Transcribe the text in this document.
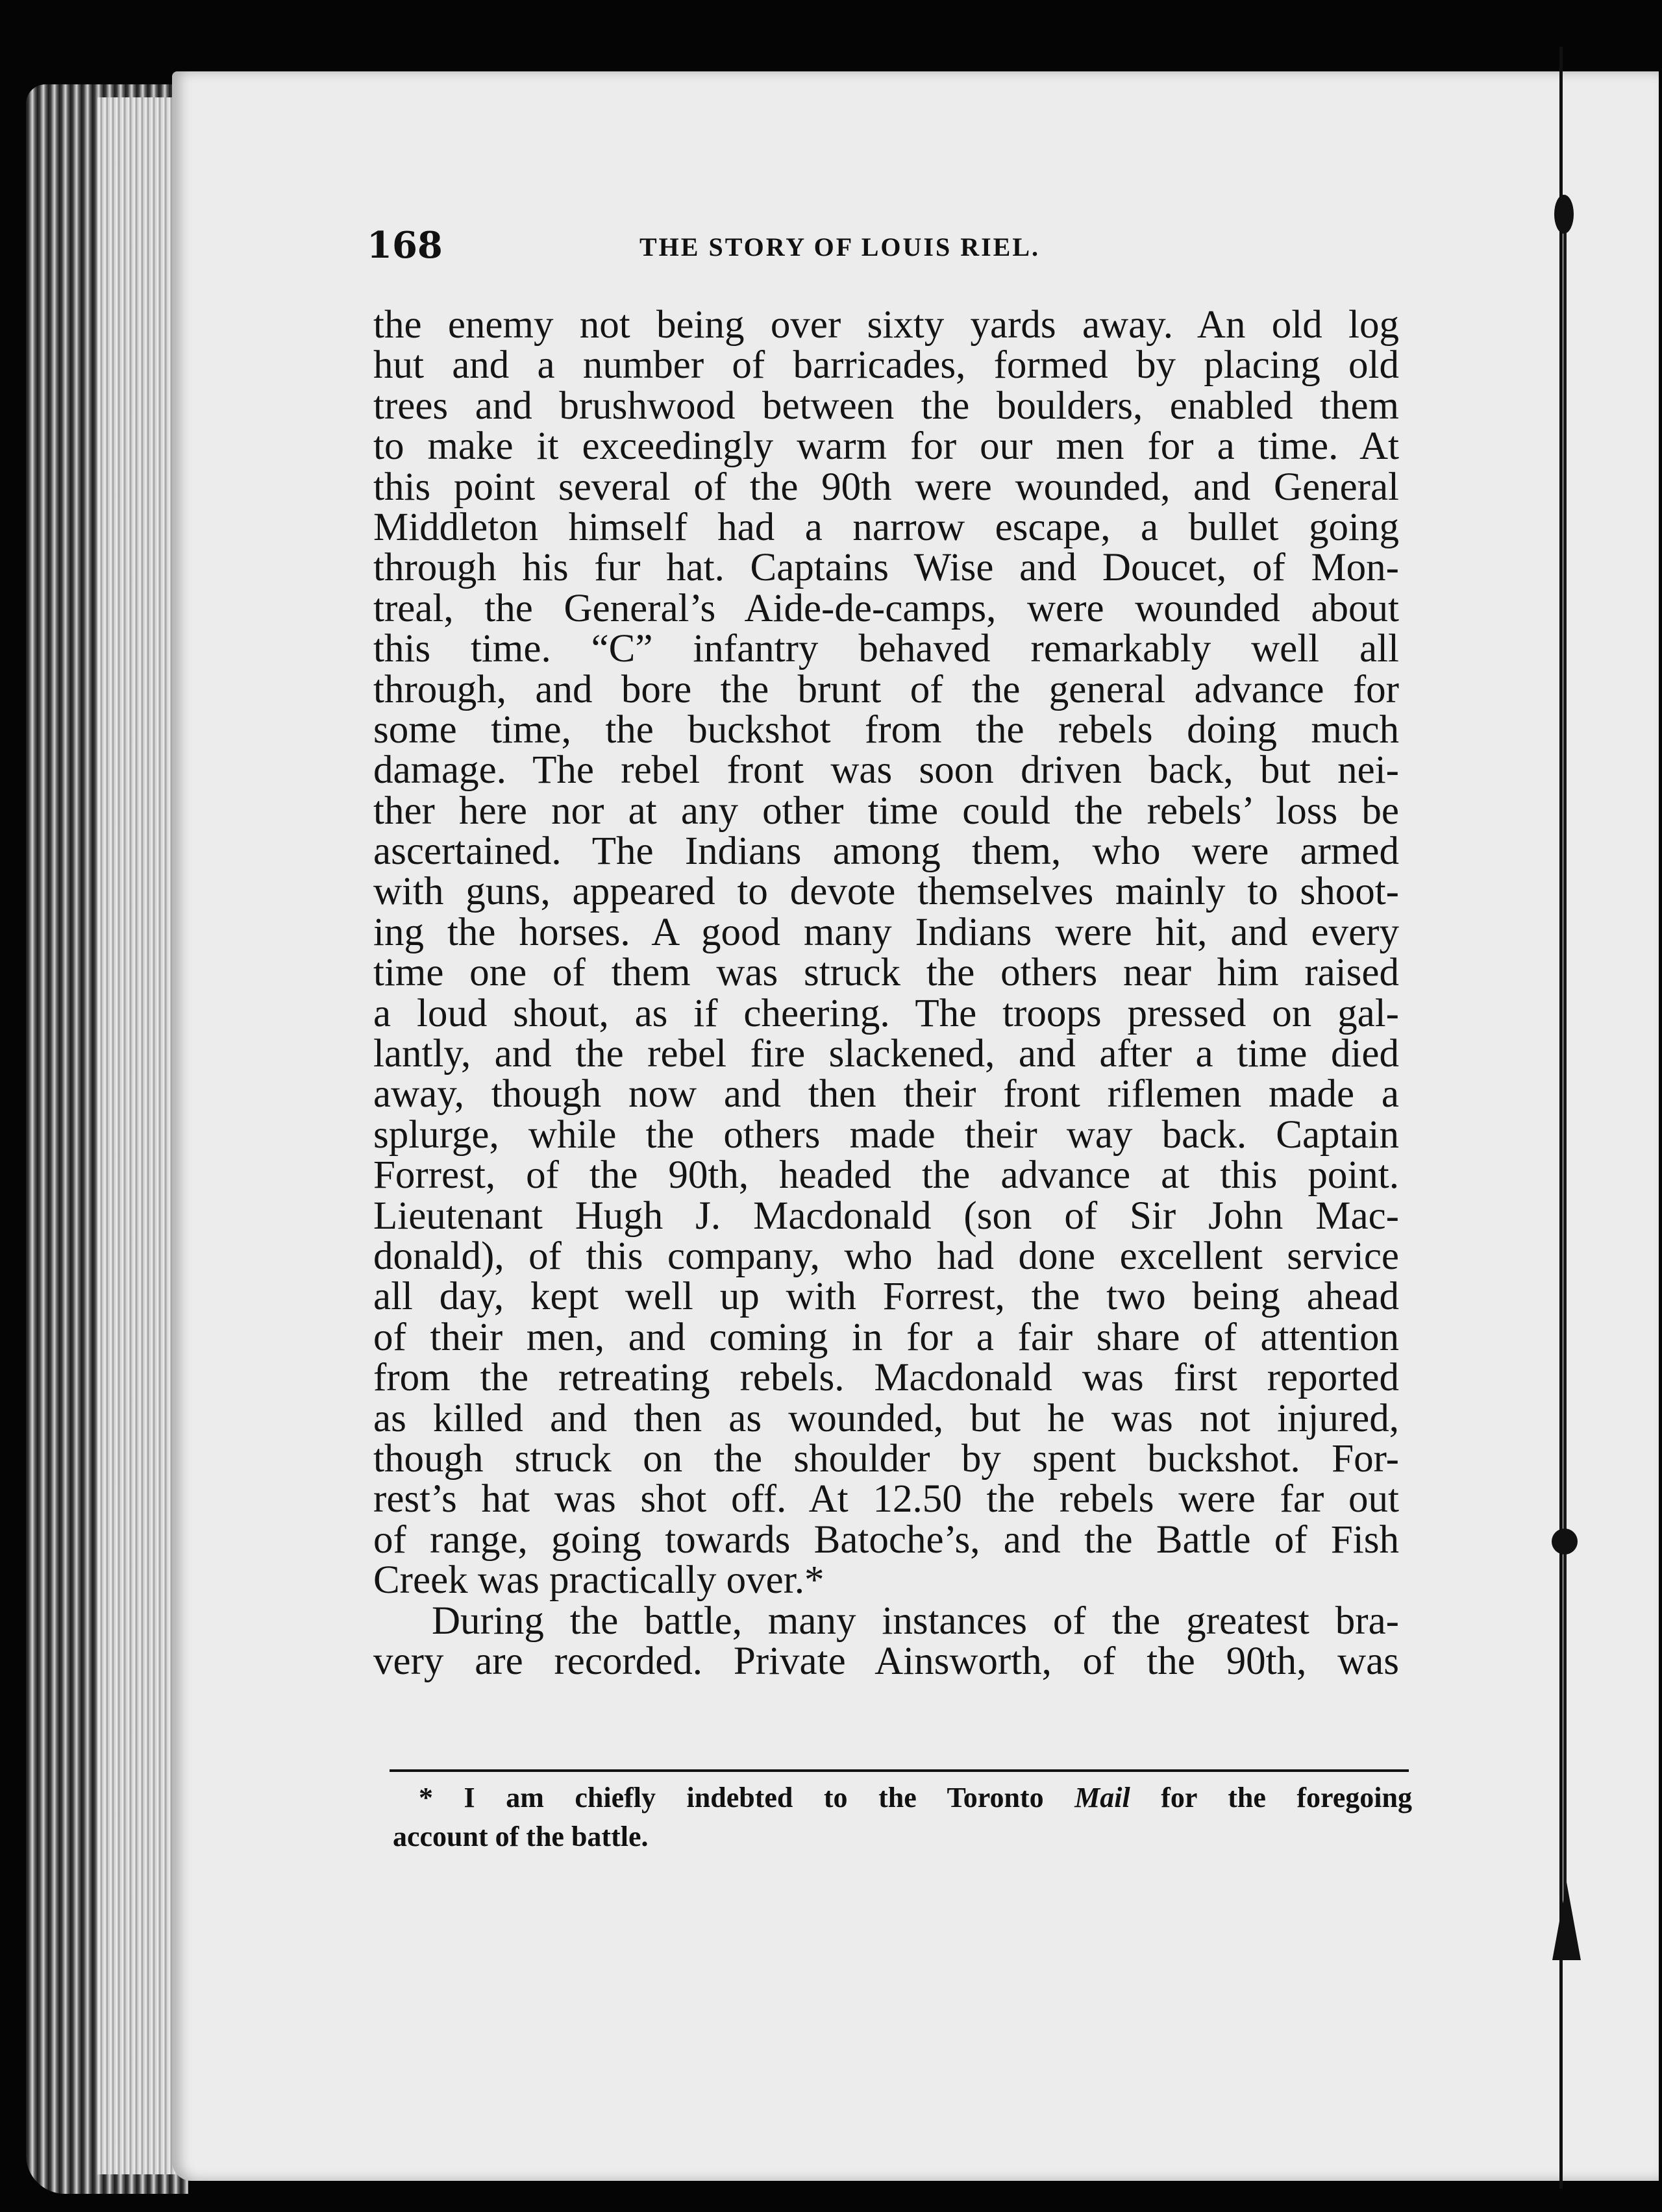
168	THE STORY OF LOUIS RIEL.
the enemy not being over sixty yards away. An old log
hut and a number of barricades, formed by placing old
trees and brushwood between the boulders, enabled them
to make it exceedingly warm for our men for a time. At
this point several of the 90th were wounded, and General
Middleton himself had a narrow escape, a bullet going
through his fur hat. Captains Wise and Doucet, of Mon-
treal, the General’s Aide-de-camps, were wounded about
this time. “C” infantry behaved remarkably well all
through, and bore the brunt of the general advance for
some time, the buckshot from the rebels doing much
damage. The rebel front was soon driven back, but nei-
ther here nor at any other time could the rebels’ loss be
ascertained. The Indians among them, who were armed
with guns, appeared to devote themselves mainly to shoot-
ing the horses. A good many Indians were hit, and every
time one of them was struck the others near him raised
a loud shout, as if cheering. The troops pressed on gal-
lantly, and the rebel fire slackened, and after a time died
away, though now and then their front riflemen made a
splurge, while the others made their way back. Captain
Forrest, of the 90th, headed the advance at this point.
Lieutenant Hugh J. Macdonald (son of Sir John Mac-
donald), of this company, who had done excellent service
all day, kept well up with Forrest, the two being ahead
of their men, and coming in for a fair share of attention
from the retreating rebels. Macdonald was first reported
as killed and then as wounded, but he was not injured,
though struck on the shoulder by spent buckshot. For-
rest’s hat was shot off. At 12.50 the rebels were far out
of range, going towards Batoche’s, and the Battle of Fish
Creek was practically over.*
During the battle, many instances of the greatest bra-
very are recorded. Private Ainsworth, of the 90th, was
* I am chiefly indebted to the Toronto Mail for the foregoing
account of the battle.
